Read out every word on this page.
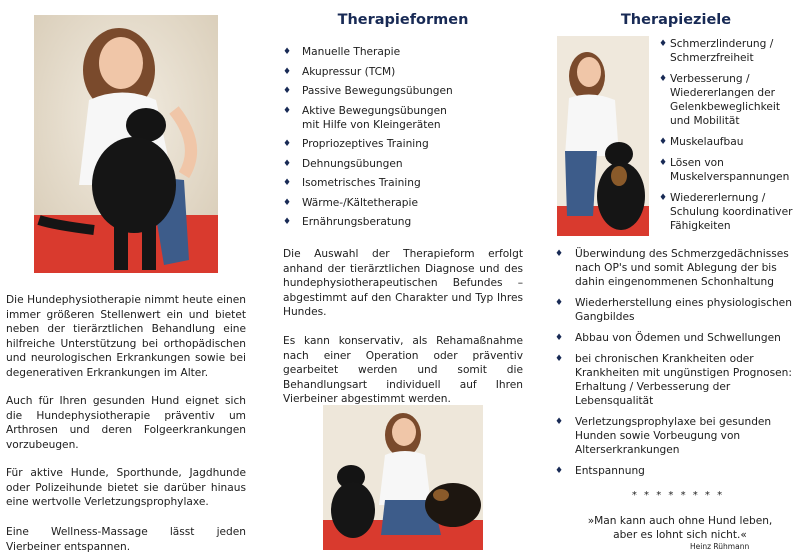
Die Hundephysiotherapie nimmt heute einen immer größeren Stellenwert ein und bietet neben der tierärztlichen Behandlung eine hilfreiche Unterstützung bei orthopädischen und neurologischen Erkrankungen sowie bei degenerativen Erkrankungen im Alter.

Auch für Ihren gesunden Hund eignet sich die Hundephysiotherapie präventiv um Arthrosen und deren Folgeerkrankungen vorzubeugen.

Für aktive Hunde, Sporthunde, Jagdhunde oder Polizeihunde bietet sie darüber hinaus eine wertvolle Verletzungsprophylaxe.

Eine Wellness-Massage lässt jeden Vierbeiner entspannen.

Therapieformen
♦ Manuelle Therapie
♦ Akupressur (TCM)
♦ Passive Bewegungsübungen
♦ Aktive Bewegungsübungen mit Hilfe von Kleingeräten
♦ Propriozeptives Training
♦ Dehnungsübungen
♦ Isometrisches Training
♦ Wärme-/Kältetherapie
♦ Ernährungsberatung

Die Auswahl der Therapieform erfolgt anhand der tierärztlichen Diagnose und des hundephysiotherapeutischen Befundes – abgestimmt auf den Charakter und Typ Ihres Hundes.

Es kann konservativ, als Rehamaßnahme nach einer Operation oder präventiv gearbeitet werden und somit die Behandlungsart individuell auf Ihren Vierbeiner abgestimmt werden.

Therapieziele
♦ Schmerzlinderung / Schmerzfreiheit
♦ Verbesserung / Wiedererlangen der Gelenkbeweglichkeit und Mobilität
♦ Muskelaufbau
♦ Lösen von Muskelverspannungen
♦ Wiedererlernung / Schulung koordinativer Fähigkeiten
♦ Überwindung des Schmerzgedächnisses nach OP's und somit Ablegung der bis dahin eingenommenen Schonhaltung
♦ Wiederherstellung eines physiologischen Gangbildes
♦ Abbau von Ödemen und Schwellungen
♦ bei chronischen Krankheiten oder Krankheiten mit ungünstigen Prognosen: Erhaltung / Verbesserung der Lebensqualität
♦ Verletzungsprophylaxe bei gesunden Hunden sowie Vorbeugung von Alterserkrankungen
♦ Entspannung
* * * * * * * *
»Man kann auch ohne Hund leben,
aber es lohnt sich nicht.«
Heinz Rühmann
